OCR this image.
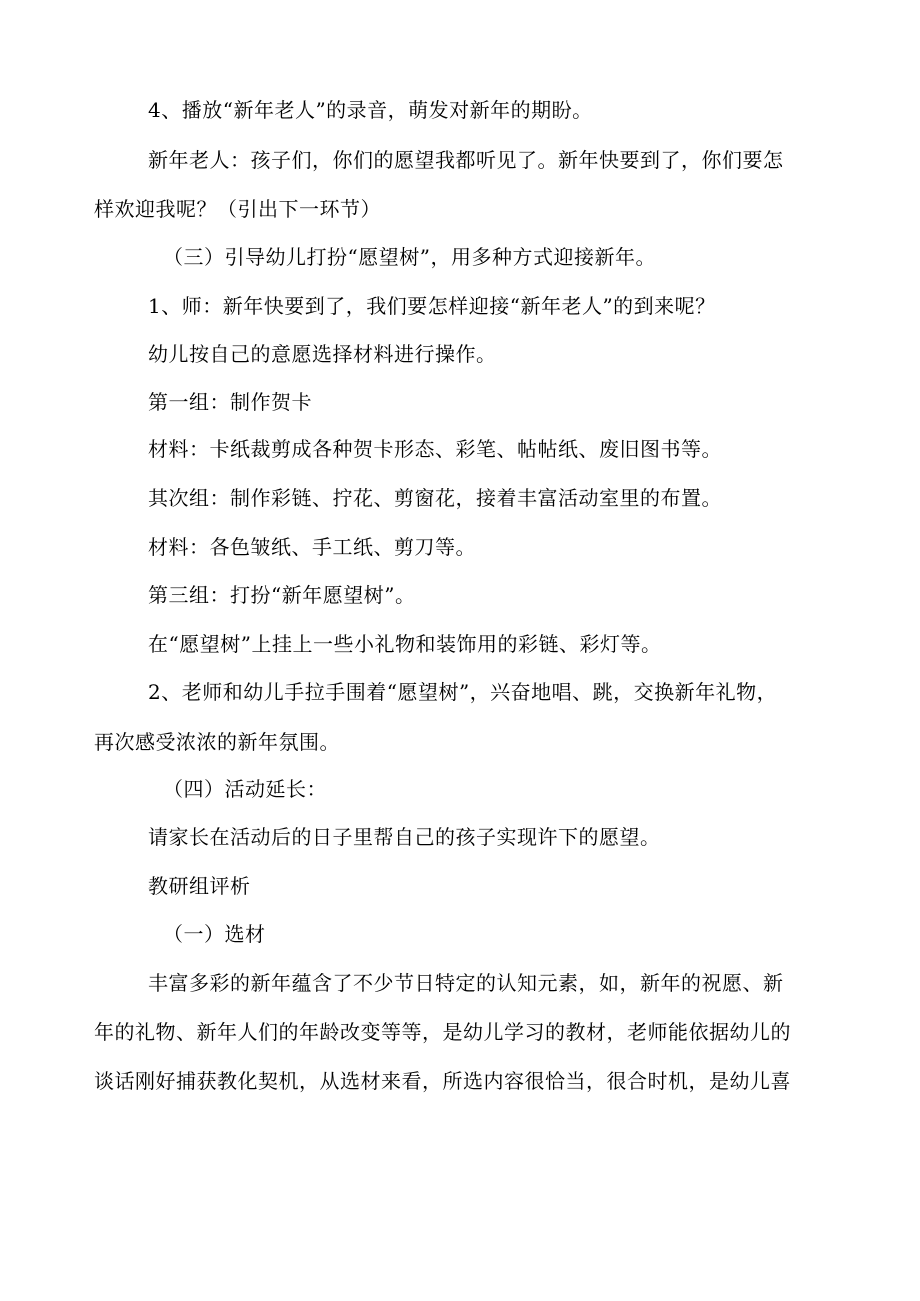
4、播放“新年老人”的录音，萌发对新年的期盼。
新年老人：孩子们，你们的愿望我都听见了。新年快要到了，你们要怎
样欢迎我呢？（引出下一环节）
（三）引导幼儿打扮“愿望树”，用多种方式迎接新年。
1、师：新年快要到了，我们要怎样迎接“新年老人”的到来呢？
幼儿按自己的意愿选择材料进行操作。
第一组：制作贺卡
材料：卡纸裁剪成各种贺卡形态、彩笔、帖帖纸、废旧图书等。
其次组：制作彩链、拧花、剪窗花，接着丰富活动室里的布置。
材料：各色皱纸、手工纸、剪刀等。
第三组：打扮“新年愿望树”。
在“愿望树”上挂上一些小礼物和装饰用的彩链、彩灯等。
2、老师和幼儿手拉手围着“愿望树”，兴奋地唱、跳，交换新年礼物，
再次感受浓浓的新年氛围。
（四）活动延长：
请家长在活动后的日子里帮自己的孩子实现许下的愿望。
教研组评析
（一）选材
丰富多彩的新年蕴含了不少节日特定的认知元素，如，新年的祝愿、新
年的礼物、新年人们的年龄改变等等，是幼儿学习的教材，老师能依据幼儿的
谈话刚好捕获教化契机，从选材来看，所选内容很恰当，很合时机，是幼儿喜
